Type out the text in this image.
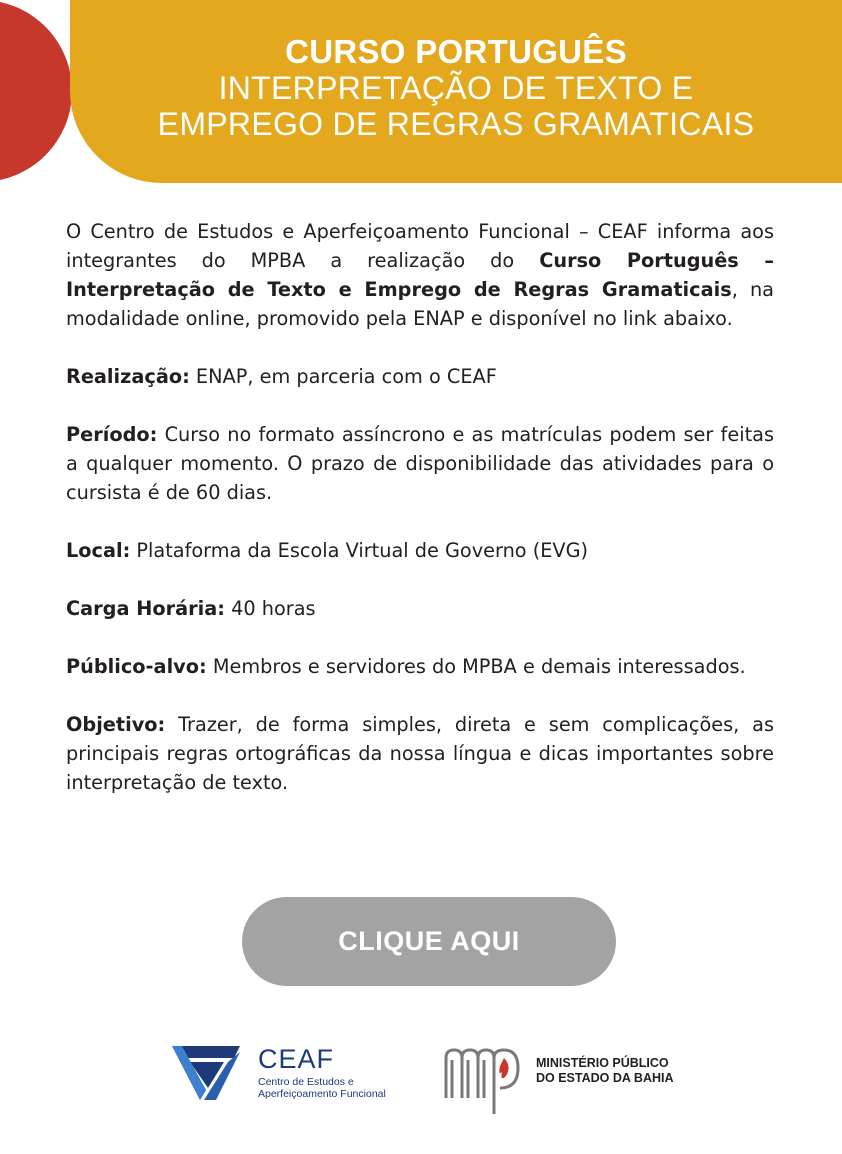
CURSO PORTUGUÊS
INTERPRETAÇÃO DE TEXTO E
EMPREGO DE REGRAS GRAMATICAIS

O Centro de Estudos e Aperfeiçoamento Funcional – CEAF informa aos integrantes do MPBA a realização do Curso Português – Interpretação de Texto e Emprego de Regras Gramaticais, na modalidade online, promovido pela ENAP e disponível no link abaixo.

Realização: ENAP, em parceria com o CEAF

Período: Curso no formato assíncrono e as matrículas podem ser feitas a qualquer momento. O prazo de disponibilidade das atividades para o cursista é de 60 dias.

Local: Plataforma da Escola Virtual de Governo (EVG)

Carga Horária: 40 horas

Público-alvo: Membros e servidores do MPBA e demais interessados.

Objetivo: Trazer, de forma simples, direta e sem complicações, as principais regras ortográficas da nossa língua e dicas importantes sobre interpretação de texto.

CLIQUE AQUI
CEAF
Centro de Estudos e
Aperfeiçoamento Funcional
MINISTÉRIO PÚBLICO
DO ESTADO DA BAHIA
